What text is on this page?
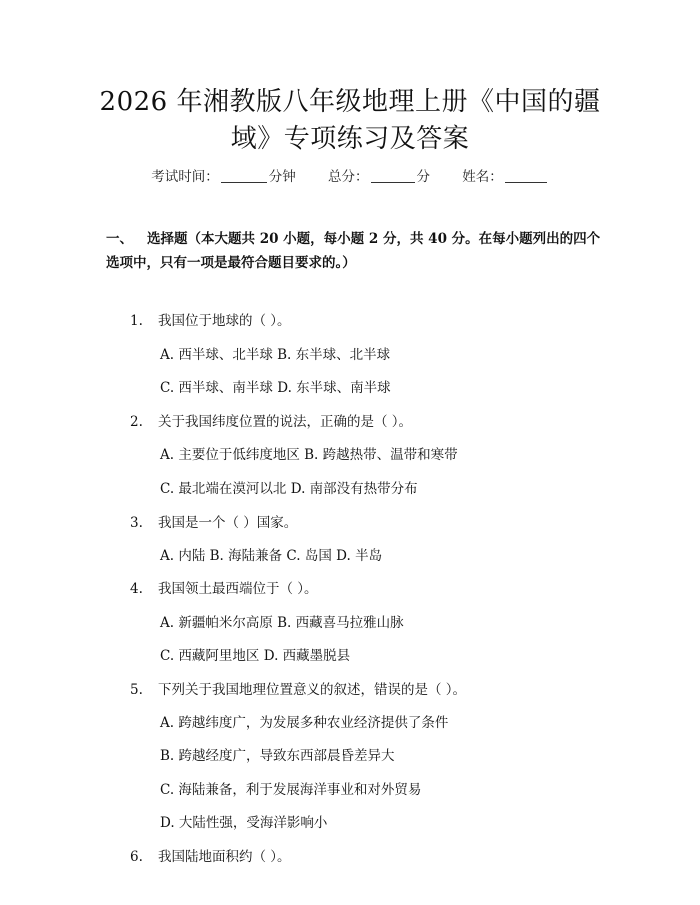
2026 年湘教版八年级地理上册《中国的疆
域》专项练习及答案
考试时间：	分钟 总分：	分 姓名：
一、 选择题（本大题共 20 小题，每小题 2 分，共 40 分。在每小题列出的四个选项中，只有一项是最符合题目要求的。）
1. 我国位于地球的（ ）。
A. 西半球、北半球 B. 东半球、北半球
C. 西半球、南半球 D. 东半球、南半球
2. 关于我国纬度位置的说法，正确的是（ ）。
A. 主要位于低纬度地区 B. 跨越热带、温带和寒带
C. 最北端在漠河以北 D. 南部没有热带分布
3. 我国是一个（ ）国家。
A. 内陆 B. 海陆兼备 C. 岛国 D. 半岛
4. 我国领土最西端位于（ ）。
A. 新疆帕米尔高原 B. 西藏喜马拉雅山脉
C. 西藏阿里地区 D. 西藏墨脱县
5. 下列关于我国地理位置意义的叙述，错误的是（ ）。
A. 跨越纬度广，为发展多种农业经济提供了条件
B. 跨越经度广，导致东西部晨昏差异大
C. 海陆兼备，利于发展海洋事业和对外贸易
D. 大陆性强，受海洋影响小
6. 我国陆地面积约（ ）。
